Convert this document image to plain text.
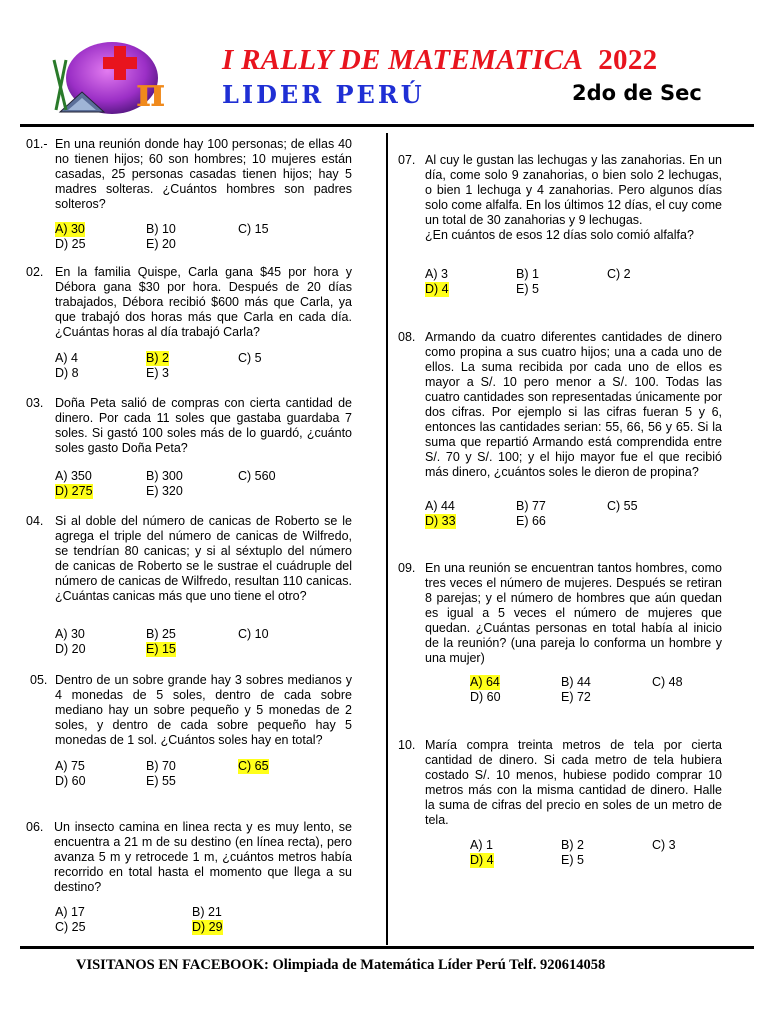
π
I RALLY DE MATEMATICA 2022
LIDER PERÚ	2do de Sec
01.- En una reunión donde hay 100 personas; de ellas 40 no tienen hijos; 60 son hombres; 10 mujeres están casadas, 25 personas casadas tienen hijos; hay 5 madres solteras. ¿Cuántos hombres son padres solteros?
A) 30	B) 10	C) 15
D) 25	E) 20
02. En la familia Quispe, Carla gana $45 por hora y Débora gana $30 por hora. Después de 20 días trabajados, Débora recibió $600 más que Carla, ya que trabajó dos horas más que Carla en cada día. ¿Cuántas horas al día trabajó Carla?
A) 4	B) 2	C) 5
D) 8	E) 3
03. Doña Peta salió de compras con cierta cantidad de dinero. Por cada 11 soles que gastaba guardaba 7 soles. Si gastó 100 soles más de lo guardó, ¿cuánto soles gasto Doña Peta?
A) 350	B) 300	C) 560
D) 275	E) 320
04. Si al doble del número de canicas de Roberto se le agrega el triple del número de canicas de Wilfredo, se tendrían 80 canicas; y si al séxtuplo del número de canicas de Roberto se le sustrae el cuádruple del número de canicas de Wilfredo, resultan 110 canicas. ¿Cuántas canicas más que uno tiene el otro?
A) 30	B) 25	C) 10
D) 20	E) 15
05. Dentro de un sobre grande hay 3 sobres medianos y 4 monedas de 5 soles, dentro de cada sobre mediano hay un sobre pequeño y 5 monedas de 2 soles, y dentro de cada sobre pequeño hay 5 monedas de 1 sol. ¿Cuántos soles hay en total?
A) 75	B) 70	C) 65
D) 60	E) 55
06. Un insecto camina en linea recta y es muy lento, se encuentra a 21 m de su destino (en línea recta), pero avanza 5 m y retrocede 1 m, ¿cuántos metros había recorrido en total hasta el momento que llega a su destino?
A) 17	B) 21
C) 25	D) 29
07. Al cuy le gustan las lechugas y las zanahorias. En un día, come solo 9 zanahorias, o bien solo 2 lechugas, o bien 1 lechuga y 4 zanahorias. Pero algunos días solo come alfalfa. En los últimos 12 días, el cuy come un total de 30 zanahorias y 9 lechugas.
¿En cuántos de esos 12 días solo comió alfalfa?
A) 3	B) 1	C) 2
D) 4	E) 5
08. Armando da cuatro diferentes cantidades de dinero como propina a sus cuatro hijos; una a cada uno de ellos. La suma recibida por cada uno de ellos es mayor a S/. 10 pero menor a S/. 100. Todas las cuatro cantidades son representadas únicamente por dos cifras. Por ejemplo si las cifras fueran 5 y 6, entonces las cantidades serian: 55, 66, 56 y 65. Si la suma que repartió Armando está comprendida entre S/. 70 y S/. 100; y el hijo mayor fue el que recibió más dinero, ¿cuántos soles le dieron de propina?
A) 44	B) 77	C) 55
D) 33	E) 66
09. En una reunión se encuentran tantos hombres, como tres veces el número de mujeres. Después se retiran 8 parejas; y el número de hombres que aún quedan es igual a 5 veces el número de mujeres que quedan. ¿Cuántas personas en total había al inicio de la reunión? (una pareja lo conforma un hombre y una mujer)
A) 64	B) 44	C) 48
D) 60	E) 72
10. María compra treinta metros de tela por cierta cantidad de dinero. Si cada metro de tela hubiera costado S/. 10 menos, hubiese podido comprar 10 metros más con la misma cantidad de dinero. Halle la suma de cifras del precio en soles de un metro de tela.
A) 1	B) 2	C) 3
D) 4	E) 5
VISITANOS EN FACEBOOK: Olimpiada de Matemática Líder Perú Telf. 920614058
